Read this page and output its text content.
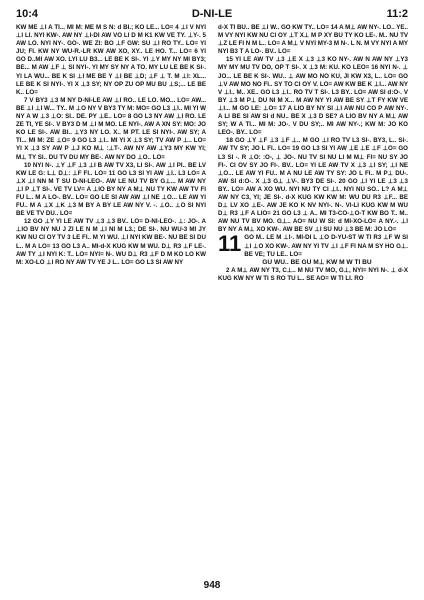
10:4	D-NI-LE	11:2

KW ME ⊥I A TI... MI M: ME M S N: d BI.; KO LE... LO= 4 ⊥I V NYI ⊥I LI. NYI KW-. AW NY ⊥I-DI AW VO LI D M K1 KW VE TY. ⊥Y-. 5 AW LO. NYI NY-. GO-. WE ZI: BO ⊥F GW: SU ⊥I RO TY.. LO= YI JU; FI. KW NY WU-R.-LR KW AW XO, XY.. LE HO. T... LO= 6 YI GO D..MI AW XO. LYI LU B3... LE BE K SI-. YI ⊥Y MY NY MI BY3; BE... M AW ⊥F ⊥ SI NYI-. YI MY SY NY A TO. MY LU LE BE K SI-. YI LA WU... BE K SI ⊥I ME BE Y ⊥I BE ⊥D; ⊥F ⊥ T. M ⊥I: XL... LE BE K SI NYI-. YI X ⊥3 SY; NY OP ZU OP MU BU ⊥S;... LE BE K.. LO=

7 V BY3 ⊥3 M NY D-NI-LE AW ⊥I RO.. LE LO. MO... LO= AW... BE ⊥I ⊥I W... TY.. M ⊥O NY V BY3 TY M: MO= GO L3 ⊥I.. MI YI W NY A W ⊥3 ⊥O: SI.. DE. PY ⊥E.. LO= 8 GO L3 NY AW ⊥I RO. LE ZE TI, YE SI-. V BY3 D M ⊥I M MO. LE NYI-. AW A XN SY: MO: JO KO LE SI-. AW BI.. ⊥Y3 NY LO. X.. M PT. LE SI NYI-. AW SY; A TI... MI M: ZE ⊥O= 9 GO L3 ⊥I.. MI YI X ⊥3 SY; TV AW P ⊥.. LO= YI X ⊥3 SY AW P ⊥J KO M⊥ :⊥T-. AW NY AW ⊥Y3 MY KW YI; M⊥ TY SI.. DU TV DU MY BE-. AW NY DO ⊥O.. LO=

10 NYI N-. ⊥Y ⊥F ⊥3 ⊥I B AW TV X3, LI SI-. AW ⊥I PI.. BE LV KW LE G: L⊥ D⊥: ⊥F FI.. LO= 11 GO L3 SI YI AW ⊥I.. L3 LO= A ⊥X ⊥I NN M T SU D-NI-LEO-. AW LE NU TV BY G⊥... M AW NY ⊥I P ⊥T SI-. VE TV LV= A ⊥IO BY NY A M⊥ NU TY KW AW TV FI FU L.. M A LO-. BV.. LO= GO LE SI AW AW ⊥I NE ⊥O... LE AW YI FU.. M A ⊥X ⊥K ⊥3 M BY A BY LE AW NY V. -. ⊥O.. ⊥O SI NYI BE VE TV DU.. LO=

12 GO ⊥Y YI LE AW TV ⊥3 ⊥3 BV.. LO= D-NI-LEO-. ⊥: JO-. A ⊥IO BV NY NU J ZI LE N M ⊥I NI M L3.; DE SI-. NU WU-3 MI JY KW NU CI OY TV 3 LE FI.. M YI WU. ⊥I NYI KW BE-. NU BE SI DU L.. M A LO= 13 GO L3 A.. MI-d-X KUG KW M WU. D⊥ R3 ⊥F LE-. AW TY ⊥I NYI K: T.. LO= NYI= N-. WU D⊥ R3 ⊥F D M KO LO KW M: XO-LO ⊥I RO NY AW TV YE J L.. LO= GO L3 SI AW NY

d-X TI BU.. BE ⊥I W.. GO KW TY.. LO= 14 A M⊥ AW NY-. LO.. YE.. M VY NYI KW NU CI OY ⊥T X⊥ M P XY BU TY KO LE-. M.. NU TV ⊥Z LE FI N M L.. LO= A M⊥ V NYI MY-3 M N-. L N. M VY NYI A MY NYI B3 T A LO-. BV.. LO=

15 YI LE AW TV ⊥3 ⊥E X ⊥3 ⊥3 KO NY-. AW N AW NY ⊥Y3 MY MY MU TV DO, OP T SI-. X ⊥3 M: KU. KO LEO= 16 NYI N-. ⊥ JO... LE BE K SI-. WU.. ⊥ AW MO NO KU, JI KW X3, L.. LO= GO ⊥V AW MO NO FI.. SY TO CI OY V. LO= AW KW BE K ⊥I... AW NY V ⊥I.. M.. XE.. GO L3 ⊥I.. RO TV T SI-. L3 BY.. LO= AW SI d:O-. V BY ⊥3 M P⊥ DU NI M X... M AW NY YI AW BE SY ⊥T FY KW VE ⊥I... M GO LE: ⊥O= 17 A LIO BY NY SI ⊥I AW NU CO P AW NY-. A LI BE SI AW SI d NU.. BE X ⊥3 D SE? A LIO BV NY A M⊥ AW SY; W A TI... MI M: JO-. V DU SY;.. MI AW NY-.; KW M: JO KO LEO-. BY.. LO=

18 GO ⊥Y ⊥F ⊥3 ⊥F ⊥.. M GO ⊥I RO TV L3 SI-. BY3, L.. SI-. AW TV SY; JO L FI.. LO= 19 GO L3 SI YI AW ⊥E ⊥E ⊥F ⊥O= GO L3 SI -. R ⊥O: :O-, ⊥ JO-. NU TV SI NU LI M M⊥ FI= NU SY JO FI-. CI OV SY JO FI-. BV.. LO= YI LE AW TV X ⊥3 ⊥I SY; ⊥I NE ⊥O... LE AW YI FU.. M A NU LE AW TY SY: JO L FI.. M P⊥ DU-. AW SI d:O-. X ⊥3 G⊥ ⊥V-. BY3 DE SI-. 20 GO ⊥I YI LE ⊥3 ⊥3 BY.. LO= AW A XO WU. NYI NU TY CI ⊥I.. NYI NU SO.. L? A M⊥ AW NY C3, YI; JE SI-. d-X KUG KW KW M: WU DU R3 ⊥F... BE D⊥ LV XO ⊥E-. AW JE KO K NV NYI-. N-. VI-LI KUG KW M WU D⊥ R3 ⊥F A LIO= 21 GO L3 ⊥ A.. MI T3-CO-⊥O-T KW BO T.. M.. AW NU TV BV MO. G⊥.. AO= NU W SI: d MI-XO-LO= A NY.-. ⊥I BY NY A M⊥ XO KW-. AW BE SV ⊥I SU NU ⊥3 BE M: JO LO=

11 GO M.. LE M ⊥I-. MI-DI L ⊥O D-YU-ST W TI R3 ⊥F W SI ⊥I ⊥O XO KW-. AW NY YI TV ⊥I ⊥F FI NA M SY HO G⊥. BE VE; TU LE.. LO=

GU WU.. BE GU M⊥ KW M W TI BU

2 A M⊥ AW NY T3, C⊥.. M NU TV MO, G⊥, NYI= NYI N-. ⊥ d-X KUG KW NY W TI S RO TU L.. SE AO= W TI LI. RO

948
